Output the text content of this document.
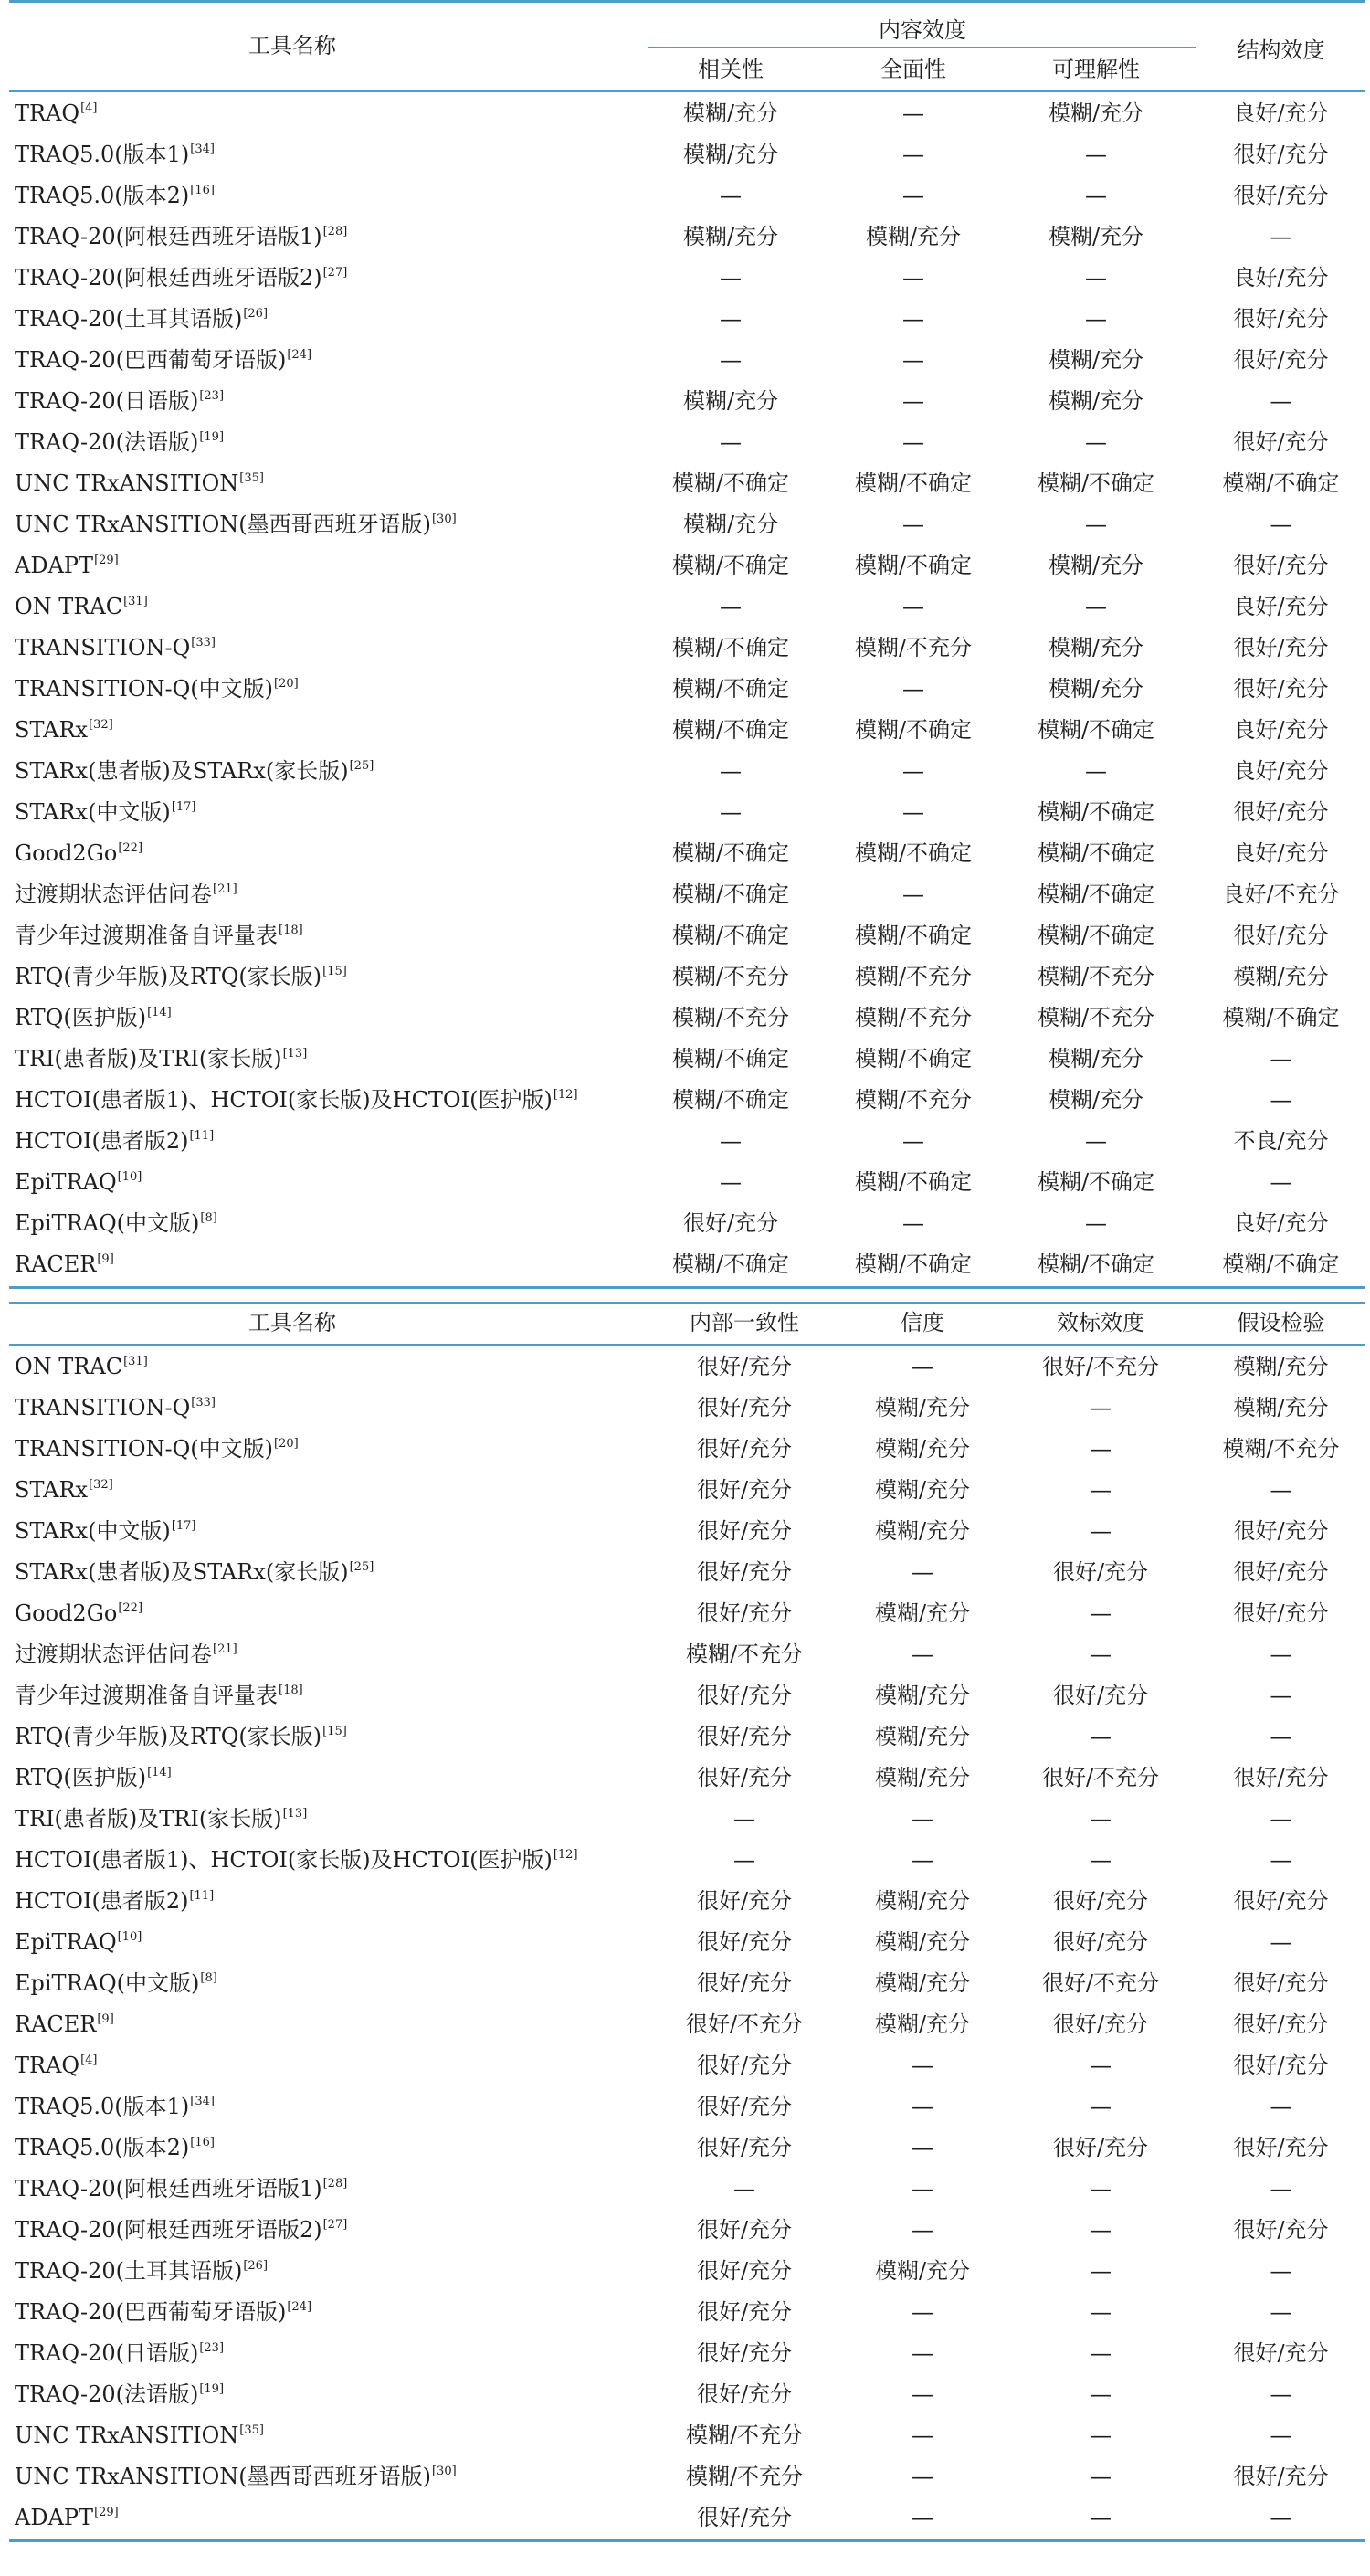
工具名称
内容效度
相关性	全面性	可理解性
结构效度
TRAQ[4]	模糊/充分	—	模糊/充分	良好/充分
TRAQ5.0(版本1)[34]	模糊/充分	—	—	很好/充分
TRAQ5.0(版本2)[16]	—	—	—	很好/充分
TRAQ-20(阿根廷西班牙语版1)[28]	模糊/充分	模糊/充分	模糊/充分	—
TRAQ-20(阿根廷西班牙语版2)[27]	—	—	—	良好/充分
TRAQ-20(土耳其语版)[26]	—	—	—	很好/充分
TRAQ-20(巴西葡萄牙语版)[24]	—	—	模糊/充分	很好/充分
TRAQ-20(日语版)[23]	模糊/充分	—	模糊/充分	—
TRAQ-20(法语版)[19]	—	—	—	很好/充分
UNC TRxANSITION[35]	模糊/不确定	模糊/不确定	模糊/不确定	模糊/不确定
UNC TRxANSITION(墨西哥西班牙语版)[30]	模糊/充分	—	—	—
ADAPT[29]	模糊/不确定	模糊/不确定	模糊/充分	很好/充分
ON TRAC[31]	—	—	—	良好/充分
TRANSITION-Q[33]	模糊/不确定	模糊/不充分	模糊/充分	很好/充分
TRANSITION-Q(中文版)[20]	模糊/不确定	—	模糊/充分	很好/充分
STARx[32]	模糊/不确定	模糊/不确定	模糊/不确定	良好/充分
STARx(患者版)及STARx(家长版)[25]	—	—	—	良好/充分
STARx(中文版)[17]	—	—	模糊/不确定	很好/充分
Good2Go[22]	模糊/不确定	模糊/不确定	模糊/不确定	良好/充分
过渡期状态评估问卷[21]	模糊/不确定	—	模糊/不确定	良好/不充分
青少年过渡期准备自评量表[18]	模糊/不确定	模糊/不确定	模糊/不确定	很好/充分
RTQ(青少年版)及RTQ(家长版)[15]	模糊/不充分	模糊/不充分	模糊/不充分	模糊/充分
RTQ(医护版)[14]	模糊/不充分	模糊/不充分	模糊/不充分	模糊/不确定
TRI(患者版)及TRI(家长版)[13]	模糊/不确定	模糊/不确定	模糊/充分	—
HCTOI(患者版1)、HCTOI(家长版)及HCTOI(医护版)[12]	模糊/不确定	模糊/不充分	模糊/充分	—
HCTOI(患者版2)[11]	—	—	—	不良/充分
EpiTRAQ[10]	—	模糊/不确定	模糊/不确定	—
EpiTRAQ(中文版)[8]	很好/充分	—	—	良好/充分
RACER[9]	模糊/不确定	模糊/不确定	模糊/不确定	模糊/不确定
工具名称	内部一致性	信度	效标效度	假设检验
ON TRAC[31]	很好/充分	—	很好/不充分	模糊/充分
TRANSITION-Q[33]	很好/充分	模糊/充分	—	模糊/充分
TRANSITION-Q(中文版)[20]	很好/充分	模糊/充分	—	模糊/不充分
STARx[32]	很好/充分	模糊/充分	—	—
STARx(中文版)[17]	很好/充分	模糊/充分	—	很好/充分
STARx(患者版)及STARx(家长版)[25]	很好/充分	—	很好/充分	很好/充分
Good2Go[22]	很好/充分	模糊/充分	—	很好/充分
过渡期状态评估问卷[21]	模糊/不充分	—	—	—
青少年过渡期准备自评量表[18]	很好/充分	模糊/充分	很好/充分	—
RTQ(青少年版)及RTQ(家长版)[15]	很好/充分	模糊/充分	—	—
RTQ(医护版)[14]	很好/充分	模糊/充分	很好/不充分	很好/充分
TRI(患者版)及TRI(家长版)[13]	—	—	—	—
HCTOI(患者版1)、HCTOI(家长版)及HCTOI(医护版)[12]	—	—	—	—
HCTOI(患者版2)[11]	很好/充分	模糊/充分	很好/充分	很好/充分
EpiTRAQ[10]	很好/充分	模糊/充分	很好/充分	—
EpiTRAQ(中文版)[8]	很好/充分	模糊/充分	很好/不充分	很好/充分
RACER[9]	很好/不充分	模糊/充分	很好/充分	很好/充分
TRAQ[4]	很好/充分	—	—	很好/充分
TRAQ5.0(版本1)[34]	很好/充分	—	—	—
TRAQ5.0(版本2)[16]	很好/充分	—	很好/充分	很好/充分
TRAQ-20(阿根廷西班牙语版1)[28]	—	—	—	—
TRAQ-20(阿根廷西班牙语版2)[27]	很好/充分	—	—	很好/充分
TRAQ-20(土耳其语版)[26]	很好/充分	模糊/充分	—	—
TRAQ-20(巴西葡萄牙语版)[24]	很好/充分	—	—	—
TRAQ-20(日语版)[23]	很好/充分	—	—	很好/充分
TRAQ-20(法语版)[19]	很好/充分	—	—	—
UNC TRxANSITION[35]	模糊/不充分	—	—	—
UNC TRxANSITION(墨西哥西班牙语版)[30]	模糊/不充分	—	—	很好/充分
ADAPT[29]	很好/充分	—	—	—
